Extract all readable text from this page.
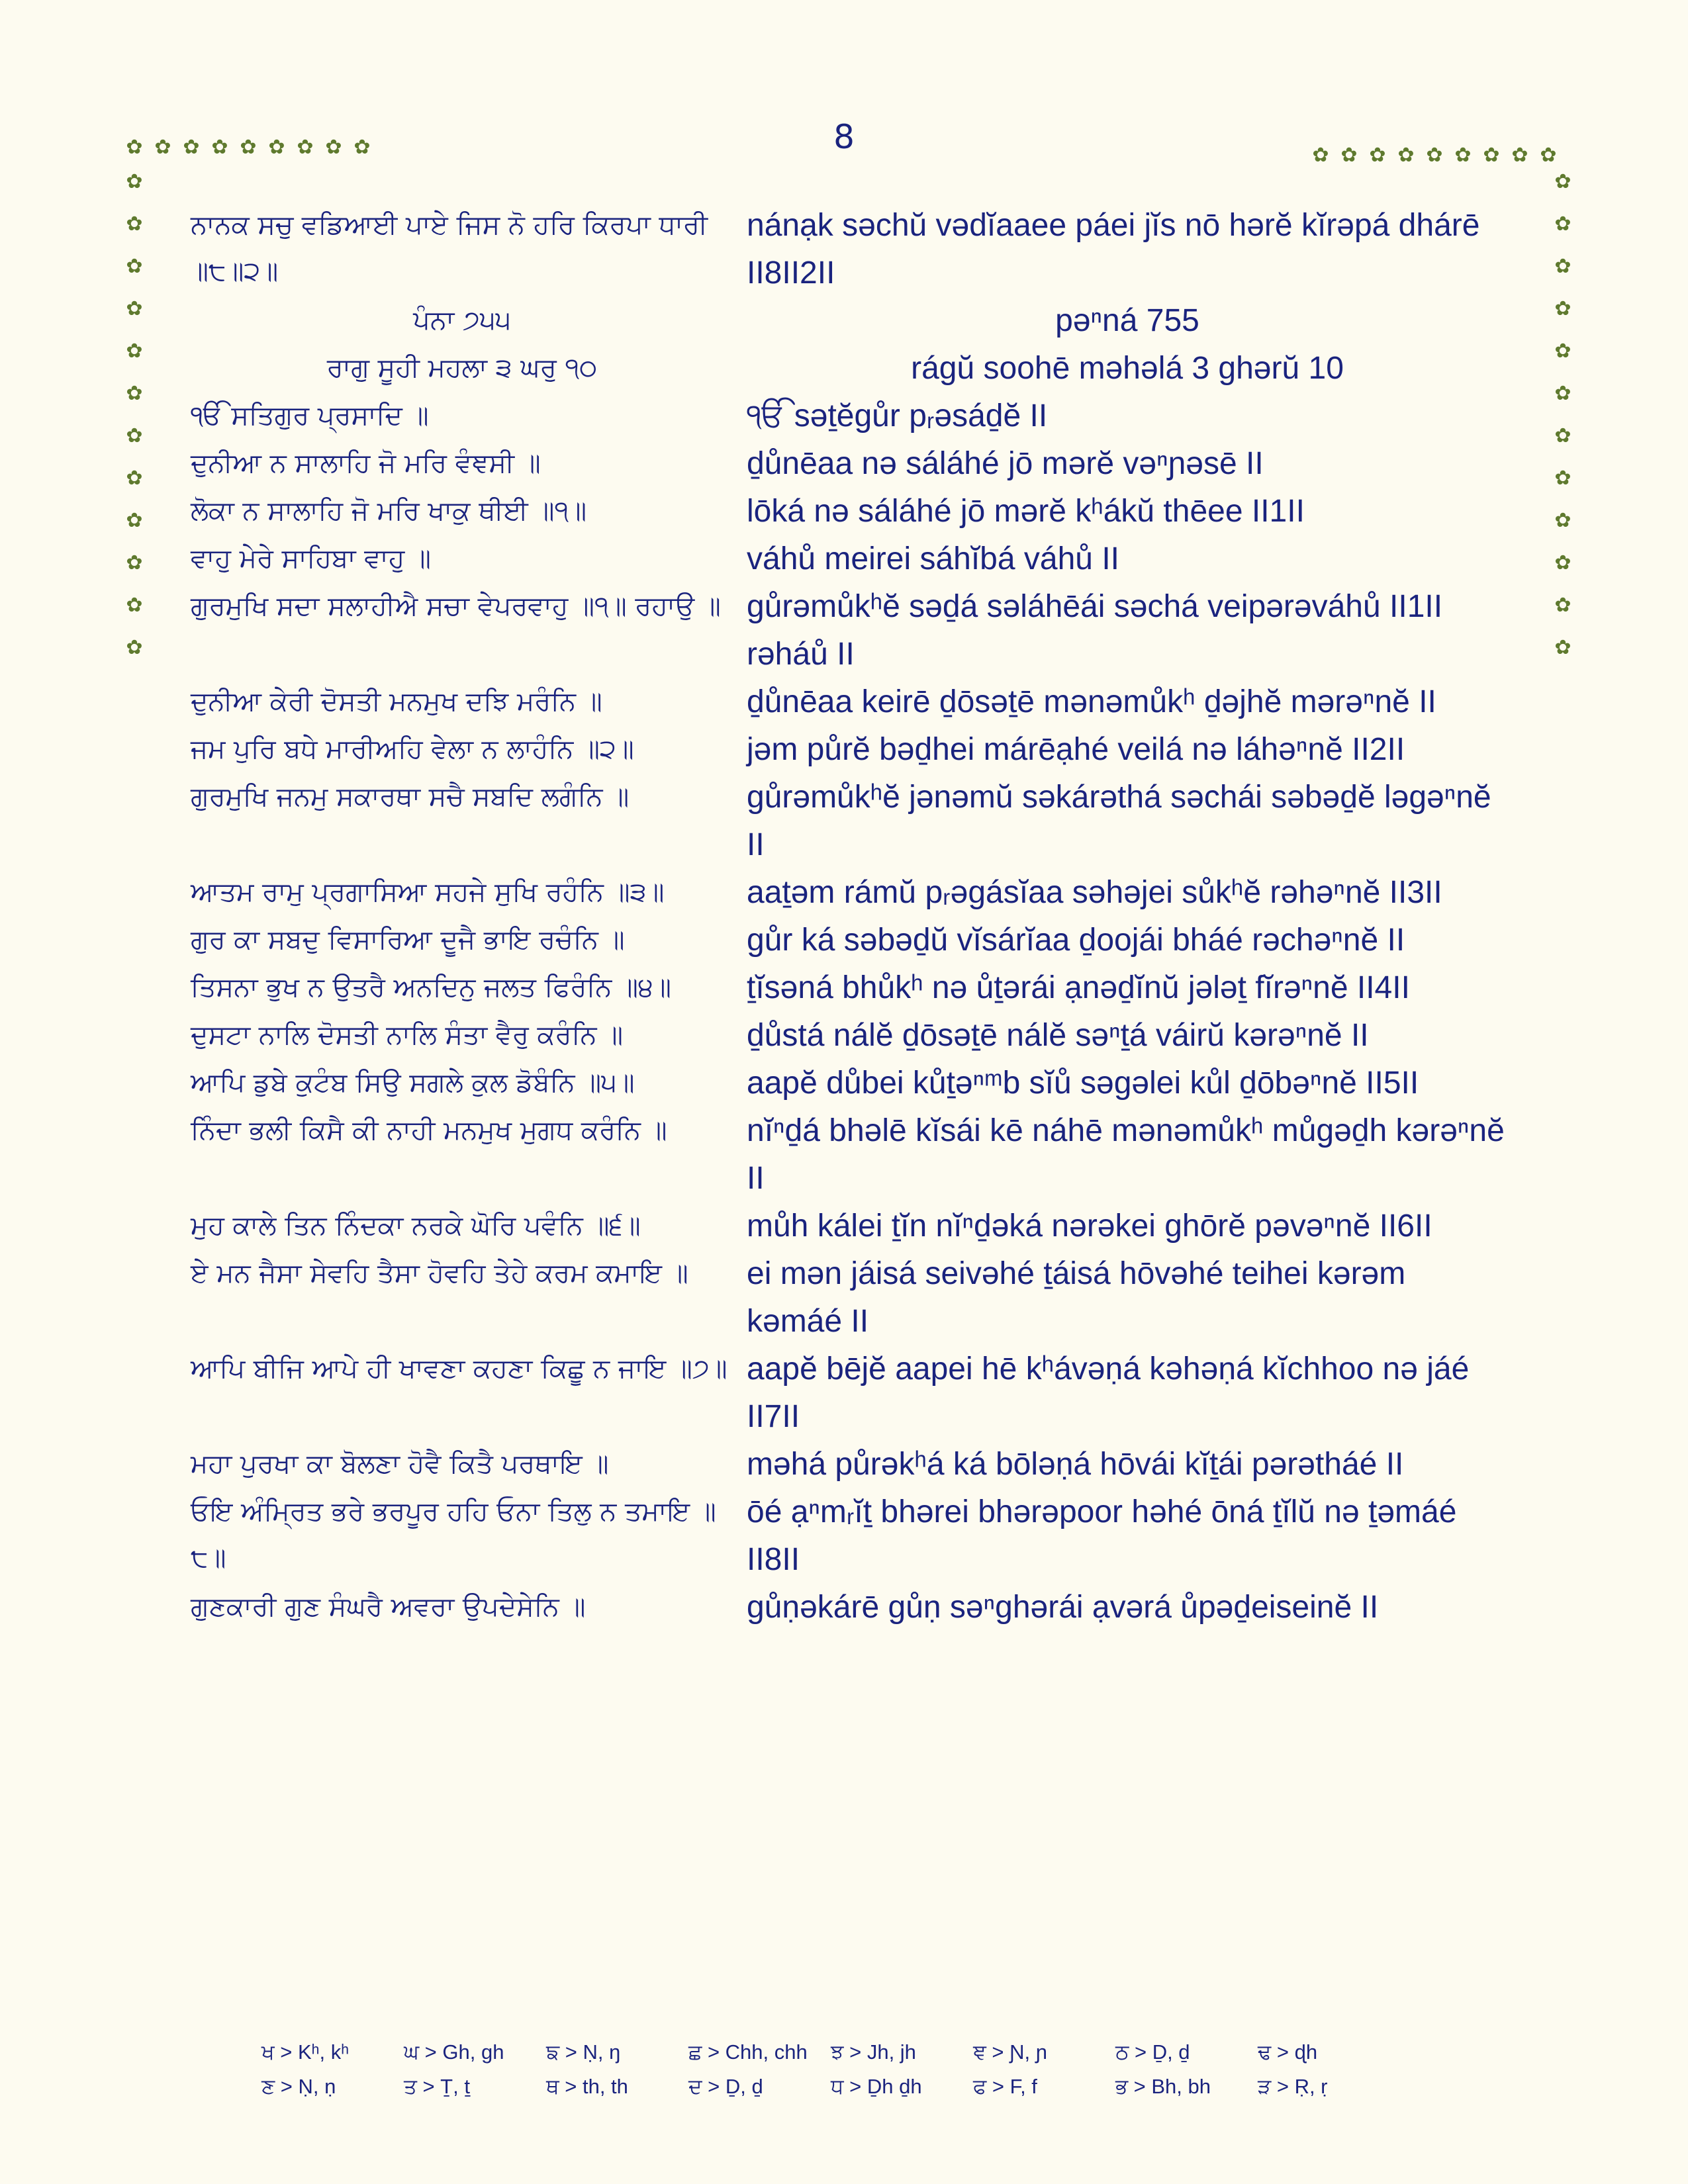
8
✿ ✿ ✿ ✿ ✿ ✿ ✿ ✿ ✿	✿ ✿ ✿ ✿ ✿ ✿ ✿ ✿ ✿
✿
✿
✿
✿
✿
✿
✿
✿
✿
✿
✿
✿
✿
✿
✿
✿
✿
✿
✿
✿
✿
✿
✿
✿
ਨਾਨਕ ਸਚੁ ਵਡਿਆਈ ਪਾਏ ਜਿਸ ਨੋ ਹਰਿ ਕਿਰਪਾ ਧਾਰੀ ॥੮॥੨॥
nánạk səchŭ vədĭaaee páei jĭs nō hərĕ kĭrəpá dhárē II8II2II
ਪੰਨਾ ੭੫੫	pəⁿná 755
ਰਾਗੁ ਸੂਹੀ ਮਹਲਾ ੩ ਘਰੁ ੧੦	rágŭ soohē məhəlá 3 ghərŭ 10
ੴ ਸਤਿਗੁਰ ਪ੍ਰਸਾਦਿ ॥	ੴ səṯĕgůr pᵣəsáḏĕ II
ਦੁਨੀਆ ਨ ਸਾਲਾਹਿ ਜੋ ਮਰਿ ਵੰਞਸੀ ॥	ḏůnēaa nə sáláhé jō mərĕ vəⁿɲəsē II
ਲੋਕਾ ਨ ਸਾਲਾਹਿ ਜੋ ਮਰਿ ਖਾਕੁ ਥੀਈ ॥੧॥	lōká nə sáláhé jō mərĕ kʰákŭ thēee II1II
ਵਾਹੁ ਮੇਰੇ ਸਾਹਿਬਾ ਵਾਹੁ ॥	váhů meirei sáhĭbá váhů II
ਗੁਰਮੁਖਿ ਸਦਾ ਸਲਾਹੀਐ ਸਚਾ ਵੇਪਰਵਾਹੁ ॥੧॥ ਰਹਾਉ ॥ gůrəmůkʰĕ səḏá səláhēái səchá veipərəváhů II1II rəháů II
ਦੁਨੀਆ ਕੇਰੀ ਦੋਸਤੀ ਮਨਮੁਖ ਦਝਿ ਮਰੰਨਿ ॥	ḏůnēaa keirē ḏōsəṯē mənəmůkʰ ḏəjhĕ mərəⁿnĕ II
ਜਮ ਪੁਰਿ ਬਧੇ ਮਾਰੀਅਹਿ ਵੇਲਾ ਨ ਲਾਹੰਨਿ ॥੨॥	jəm půrĕ bəḏhei márēạhé veilá nə láhəⁿnĕ II2II
ਗੁਰਮੁਖਿ ਜਨਮੁ ਸਕਾਰਥਾ ਸਚੈ ਸਬਦਿ ਲਗੰਨਿ ॥	gůrəmůkʰĕ jənəmŭ səkárəthá səchái səbəḏĕ ləgəⁿnĕ II
ਆਤਮ ਰਾਮੁ ਪ੍ਰਗਾਸਿਆ ਸਹਜੇ ਸੁਖਿ ਰਹੰਨਿ ॥੩॥	aaṯəm rámŭ pᵣəgásĭaa səhəjei sůkʰĕ rəhəⁿnĕ II3II
ਗੁਰ ਕਾ ਸਬਦੁ ਵਿਸਾਰਿਆ ਦੂਜੈ ਭਾਇ ਰਚੰਨਿ ॥	gůr ká səbəḏŭ vĭsárĭaa ḏoojái bháé rəchəⁿnĕ II
ਤਿਸਨਾ ਭੁਖ ਨ ਉਤਰੈ ਅਨਦਿਨੁ ਜਲਤ ਫਿਰੰਨਿ ॥੪॥	ṯĭsəná bhůkʰ nə ůṯərái ạnəḏĭnŭ jələṯ fĭrəⁿnĕ II4II
ਦੁਸਟਾ ਨਾਲਿ ਦੋਸਤੀ ਨਾਲਿ ਸੰਤਾ ਵੈਰੁ ਕਰੰਨਿ ॥	ḏůstá nálĕ ḏōsəṯē nálĕ səⁿṯá váirŭ kərəⁿnĕ II
ਆਪਿ ਡੁਬੇ ਕੁਟੰਬ ਸਿਉ ਸਗਲੇ ਕੁਲ ਡੋਬੰਨਿ ॥੫॥	aapĕ důbei kůṯəⁿᵐb sĭů səgəlei kůl ḏōbəⁿnĕ II5II
ਨਿੰਦਾ ਭਲੀ ਕਿਸੈ ਕੀ ਨਾਹੀ ਮਨਮੁਖ ਮੁਗਧ ਕਰੰਨਿ ॥	nĭⁿḏá bhəlē kĭsái kē náhē mənəmůkʰ můgəḏh kərəⁿnĕ II
ਮੁਹ ਕਾਲੇ ਤਿਨ ਨਿੰਦਕਾ ਨਰਕੇ ਘੋਰਿ ਪਵੰਨਿ ॥੬॥	můh kálei ṯĭn nĭⁿḏəká nərəkei ghōrĕ pəvəⁿnĕ II6II
ਏ ਮਨ ਜੈਸਾ ਸੇਵਹਿ ਤੈਸਾ ਹੋਵਹਿ ਤੇਹੇ ਕਰਮ ਕਮਾਇ ॥	ei mən jáisá seivəhé ṯáisá hōvəhé teihei kərəm kəmáé II
ਆਪਿ ਬੀਜਿ ਆਪੇ ਹੀ ਖਾਵਣਾ ਕਹਣਾ ਕਿਛੂ ਨ ਜਾਇ ॥੭॥ aapĕ bējĕ aapei hē kʰávəṇá kəhəṇá kĭchhoo nə jáé II7II
ਮਹਾ ਪੁਰਖਾ ਕਾ ਬੋਲਣਾ ਹੋਵੈ ਕਿਤੈ ਪਰਥਾਇ ॥	məhá půrəkʰá ká bōləṇá hōvái kĭṯái pərətháé II
ਓਇ ਅੰਮ੍ਰਿਤ ਭਰੇ ਭਰਪੂਰ ਹਹਿ ਓਨਾ ਤਿਲੁ ਨ ਤਮਾਇ ॥੮॥
ōé ạⁿmᵣĭṯ bhərei bhərəpoor həhé ōná ṯĭlŭ nə ṯəmáé II8II
ਗੁਣਕਾਰੀ ਗੁਣ ਸੰਘਰੈ ਅਵਰਾ ਉਪਦੇਸੇਨਿ ॥	gůṇəkárē gůṇ səⁿghərái ạvərá ůpəḏeiseinĕ II
ਖ > Kʰ, kʰ	ਘ > Gh, gh	ਙ > Ṇ, ŋ	ਛ > Chh, chh	ਝ > Jh, jh	ਞ > Ɲ, ɲ	ਠ > Ḏ, ḏ	ਢ > ɖh
ਣ > Ṇ, ṇ	ਤ > Ṯ, ṯ	ਥ > th, th	ਦ > Ḏ, ḏ	ਧ > Ḏh ḏh	ਫ > F, f	ਭ > Bh, bh	ੜ > Ṛ, ṛ
